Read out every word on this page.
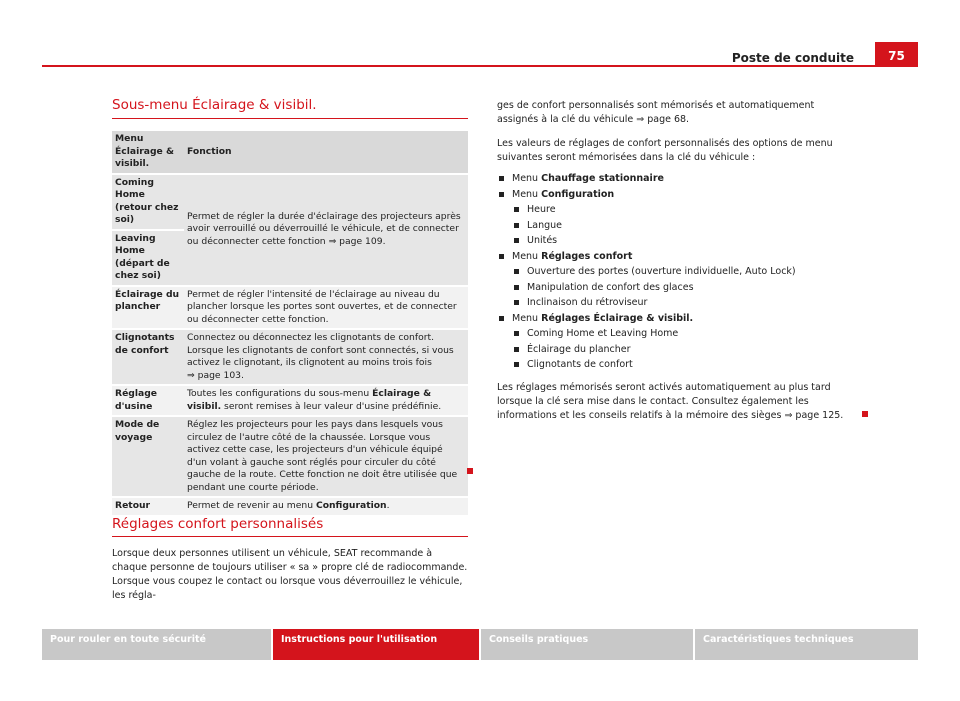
Poste de conduite	75
Sous-menu Éclairage & visibil.
Menu Éclairage & visibil.	Fonction
Coming Home (retour chez soi)	Permet de régler la durée d'éclairage des projecteurs après avoir verrouillé ou déverrouillé le véhicule, et de connecter ou déconnecter cette fonction ⇒ page 109.
Leaving Home (départ de chez soi)	
Éclairage du plancher	Permet de régler l'intensité de l'éclairage au niveau du plancher lorsque les portes sont ouvertes, et de connecter ou déconnecter cette fonction.
Clignotants de confort	Connectez ou déconnectez les clignotants de confort. Lorsque les clignotants de confort sont connectés, si vous activez le clignotant, ils clignotent au moins trois fois
⇒ page 103.
Réglage d'usine	Toutes les configurations du sous-menu Éclairage & visibil. seront remises à leur valeur d'usine prédéfinie.
Mode de voyage	Réglez les projecteurs pour les pays dans lesquels vous circulez de l'autre côté de la chaussée. Lorsque vous activez cette case, les projecteurs d'un véhicule équipé d'un volant à gauche sont réglés pour circuler du côté gauche de la route. Cette fonction ne doit être utilisée que pendant une courte période.
Retour	Permet de revenir au menu Configuration.
Réglages confort personnalisés
Lorsque deux personnes utilisent un véhicule, SEAT recommande à chaque personne de toujours utiliser « sa » propre clé de radiocommande. Lorsque vous coupez le contact ou lorsque vous déverrouillez le véhicule, les régla-
ges de confort personnalisés sont mémorisés et automatiquement assignés à la clé du véhicule ⇒ page 68.
Les valeurs de réglages de confort personnalisés des options de menu suivantes seront mémorisées dans la clé du véhicule :
Menu Chauffage stationnaire
Menu Configuration
Heure
Langue
Unités
Menu Réglages confort
Ouverture des portes (ouverture individuelle, Auto Lock)
Manipulation de confort des glaces
Inclinaison du rétroviseur
Menu Réglages Éclairage & visibil.
Coming Home et Leaving Home
Éclairage du plancher
Clignotants de confort
Les réglages mémorisés seront activés automatiquement au plus tard lorsque la clé sera mise dans le contact. Consultez également les informations et les conseils relatifs à la mémoire des sièges ⇒ page 125.
Pour rouler en toute sécurité	Instructions pour l'utilisation	Conseils pratiques	Caractéristiques techniques
